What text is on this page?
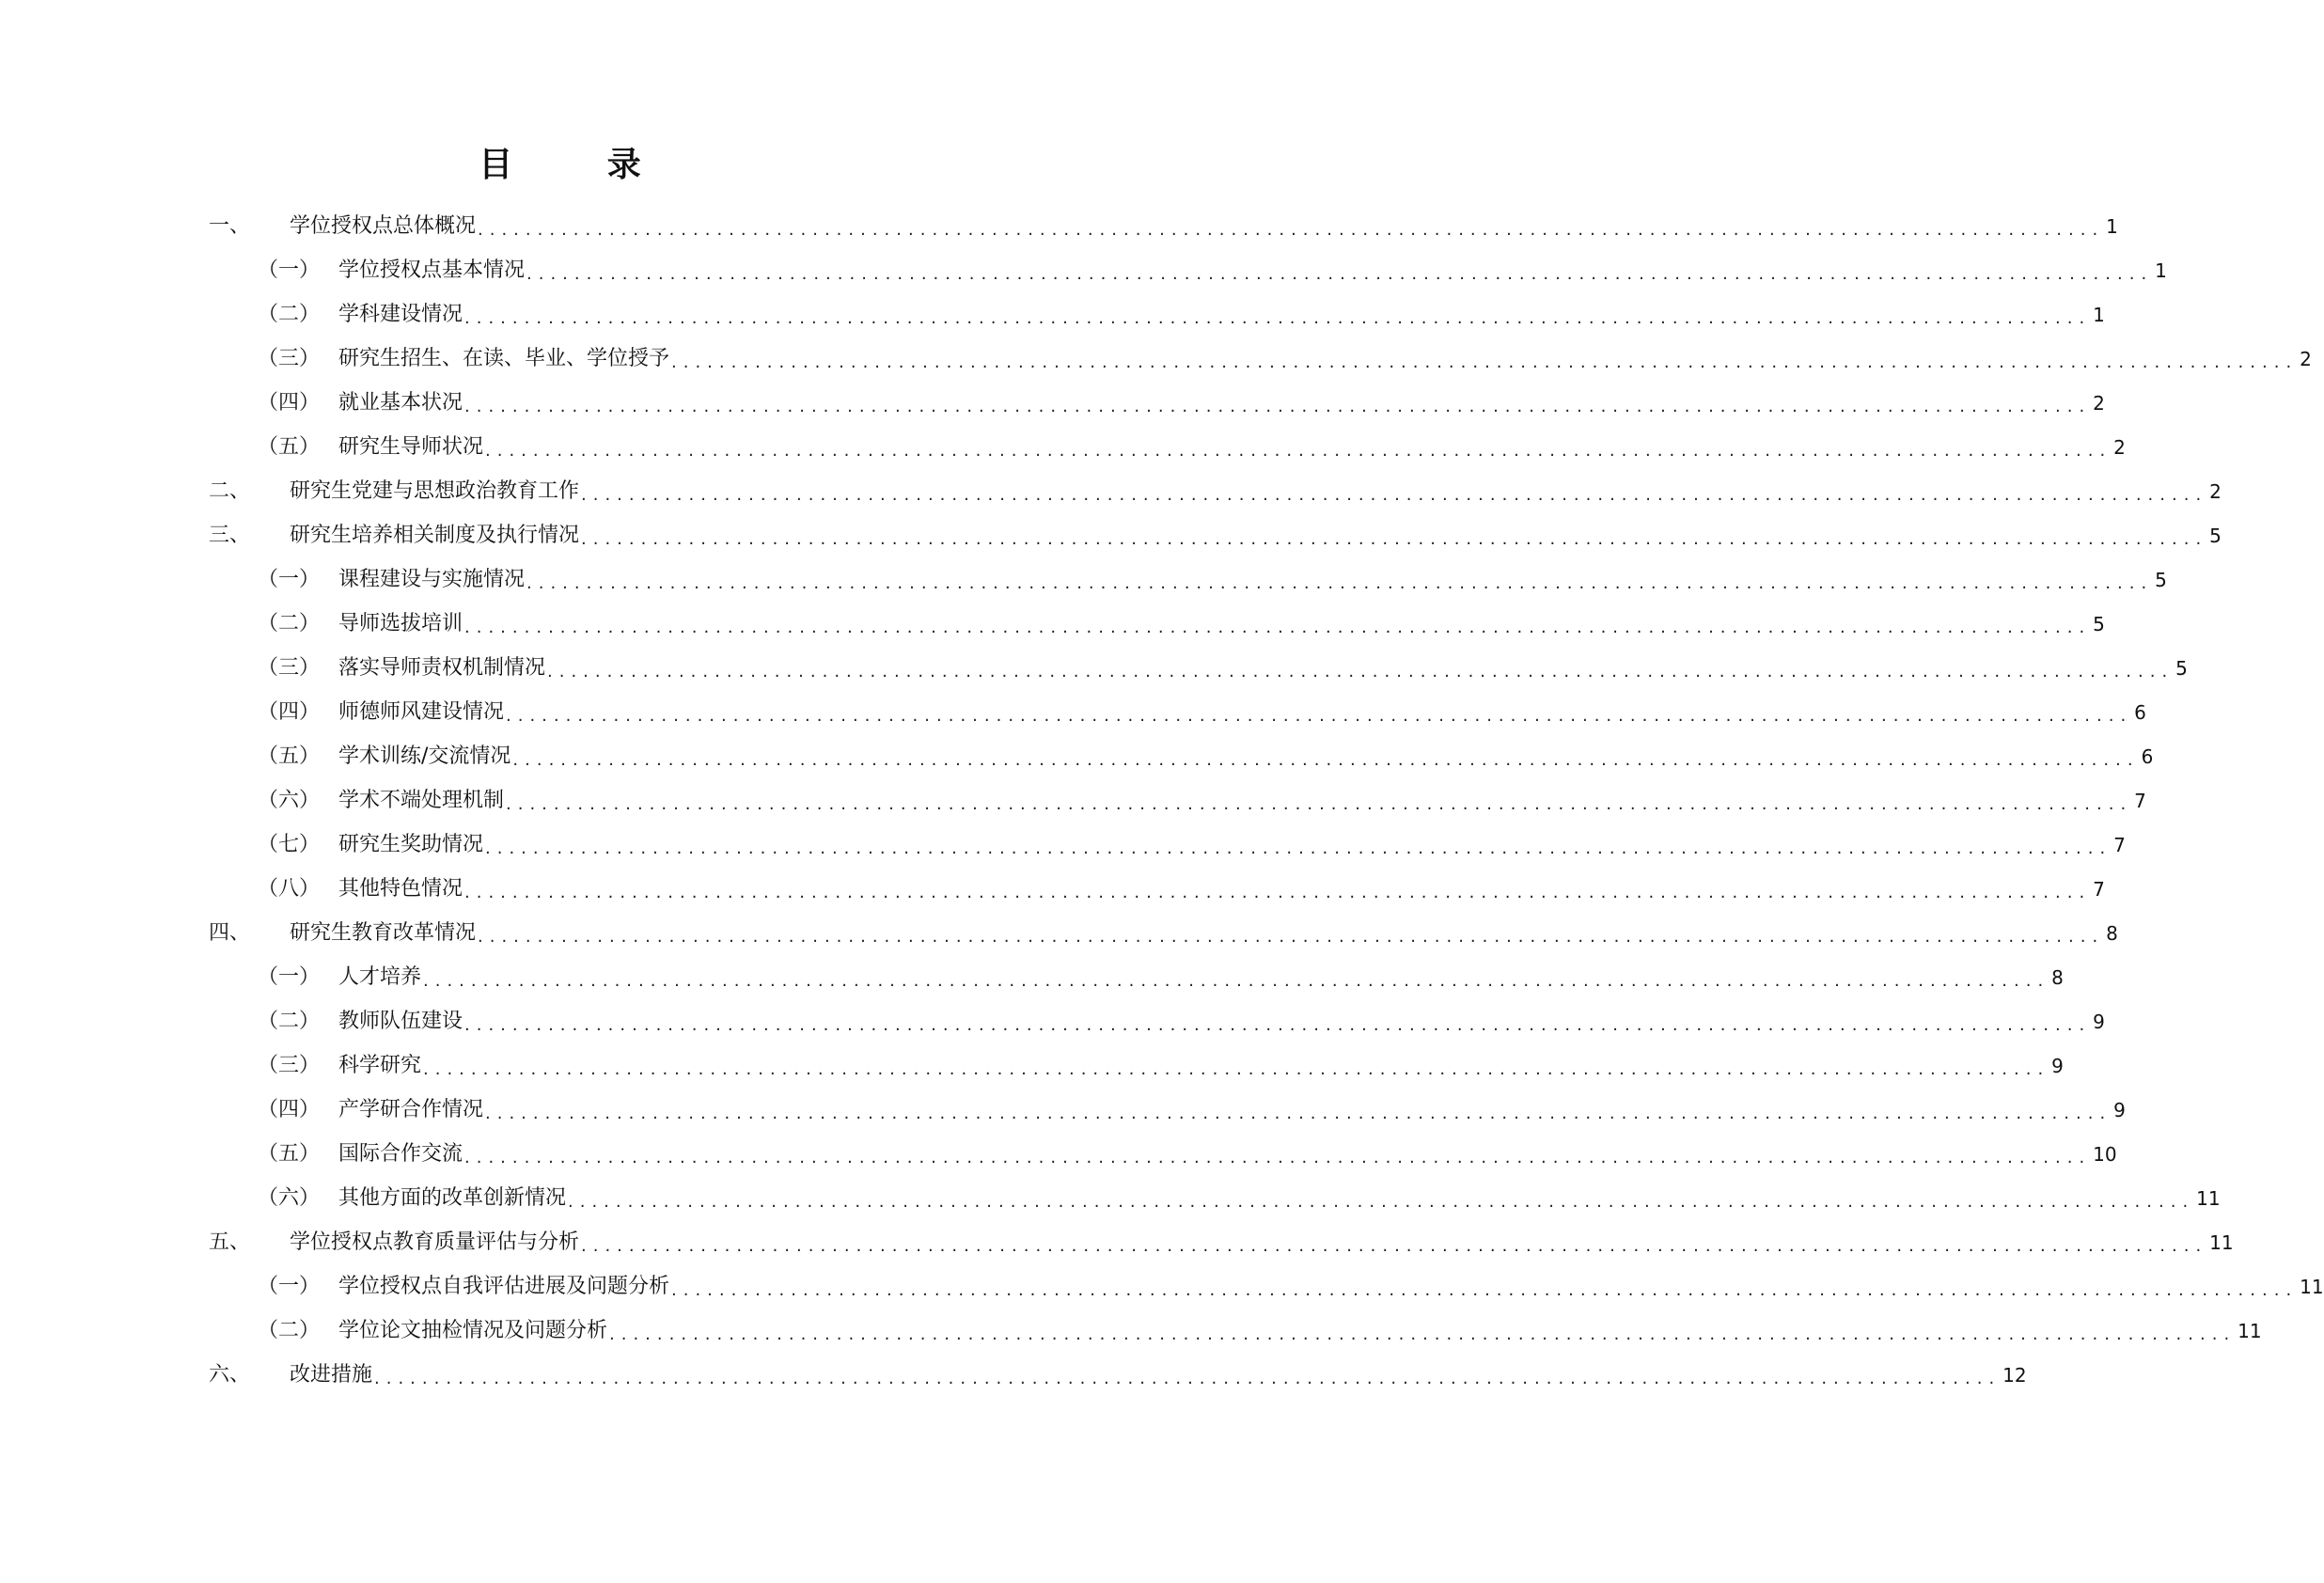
目 录
一、	学位授权点总体概况 ........................................................................................................................................ 1
（一） 学位授权点基本情况 ........................................................................................................................................ 1
（二） 学科建设情况 ........................................................................................................................................ 1
（三） 研究生招生、在读、毕业、学位授予 ........................................................................................................................................ 2
（四） 就业基本状况 ........................................................................................................................................ 2
（五） 研究生导师状况 ........................................................................................................................................ 2
二、	研究生党建与思想政治教育工作 ........................................................................................................................................ 2
三、	研究生培养相关制度及执行情况 ........................................................................................................................................ 5
（一） 课程建设与实施情况 ........................................................................................................................................ 5
（二） 导师选拔培训 ........................................................................................................................................ 5
（三） 落实导师责权机制情况 ........................................................................................................................................ 5
（四） 师德师风建设情况 ........................................................................................................................................ 6
（五） 学术训练/交流情况 ........................................................................................................................................ 6
（六） 学术不端处理机制 ........................................................................................................................................ 7
（七） 研究生奖助情况 ........................................................................................................................................ 7
（八） 其他特色情况 ........................................................................................................................................ 7
四、	研究生教育改革情况 ........................................................................................................................................ 8
（一） 人才培养 ........................................................................................................................................ 8
（二） 教师队伍建设 ........................................................................................................................................ 9
（三） 科学研究 ........................................................................................................................................ 9
（四） 产学研合作情况 ........................................................................................................................................ 9
（五） 国际合作交流 ........................................................................................................................................ 10
（六） 其他方面的改革创新情况 ........................................................................................................................................ 11
五、	学位授权点教育质量评估与分析 ........................................................................................................................................ 11
（一） 学位授权点自我评估进展及问题分析 ........................................................................................................................................ 11
（二） 学位论文抽检情况及问题分析 ........................................................................................................................................ 11
六、	改进措施 ........................................................................................................................................ 12
